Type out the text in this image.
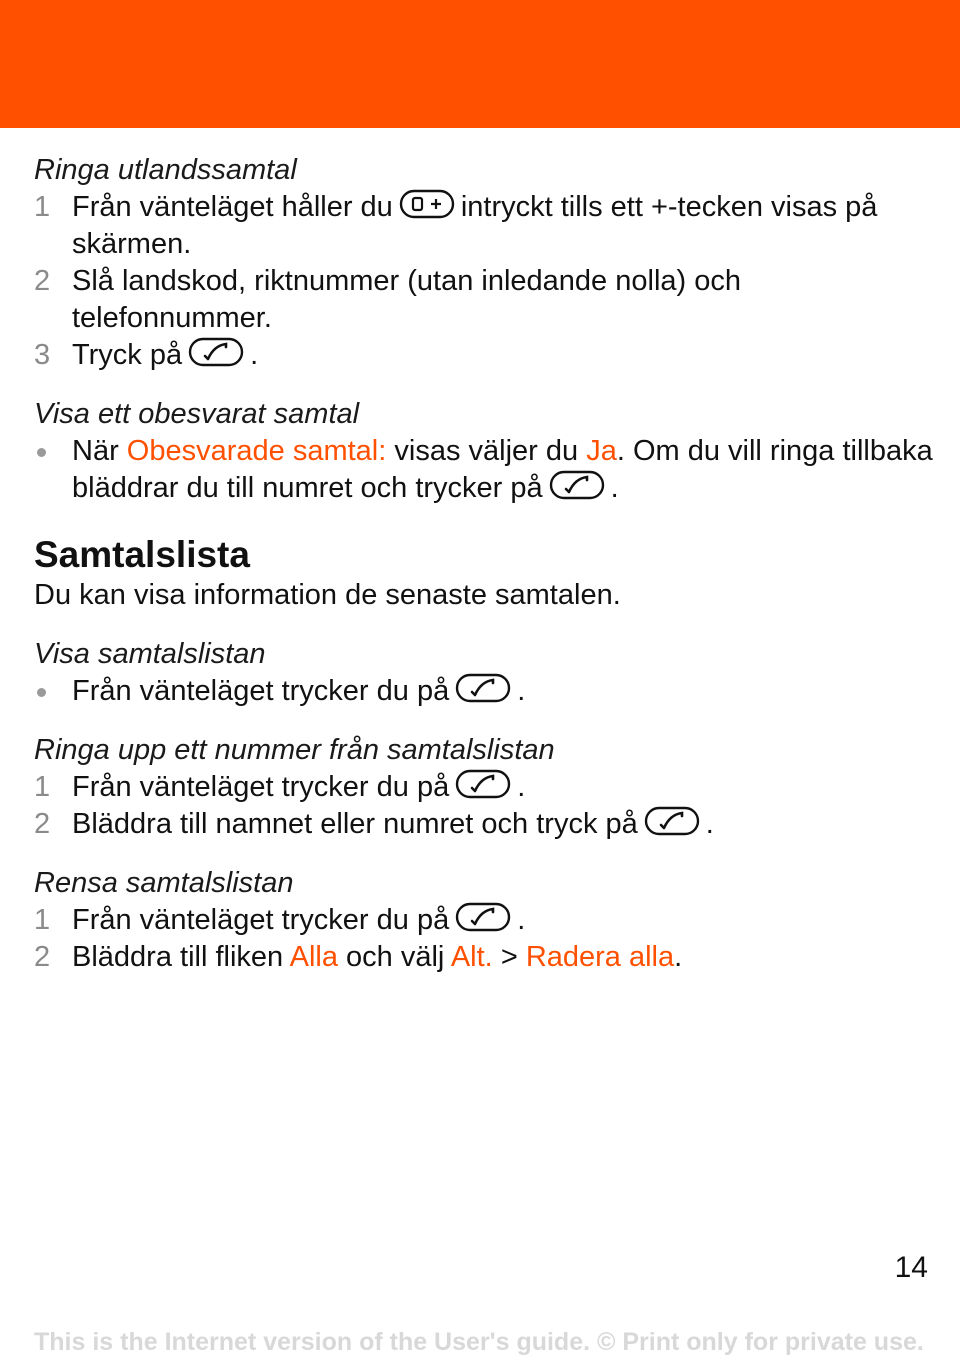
Ringa utlandssamtal

1 Från vänteläget håller du intryckt tills ett +-tecken visas på skärmen.
2 Slå landskod, riktnummer (utan inledande nolla) och telefonnummer.
3 Tryck på .

Visa ett obesvarat samtal

När Obesvarade samtal: visas väljer du Ja. Om du vill ringa tillbaka bläddrar du till numret och trycker på .
Samtalslista
Du kan visa information de senaste samtalen.

Visa samtalslistan

Från vänteläget trycker du på .

Ringa upp ett nummer från samtalslistan

1 Från vänteläget trycker du på .
2 Bläddra till namnet eller numret och tryck på .

Rensa samtalslistan

1 Från vänteläget trycker du på .
2 Bläddra till fliken Alla och välj Alt. > Radera alla.
14
This is the Internet version of the User's guide. © Print only for private use.
